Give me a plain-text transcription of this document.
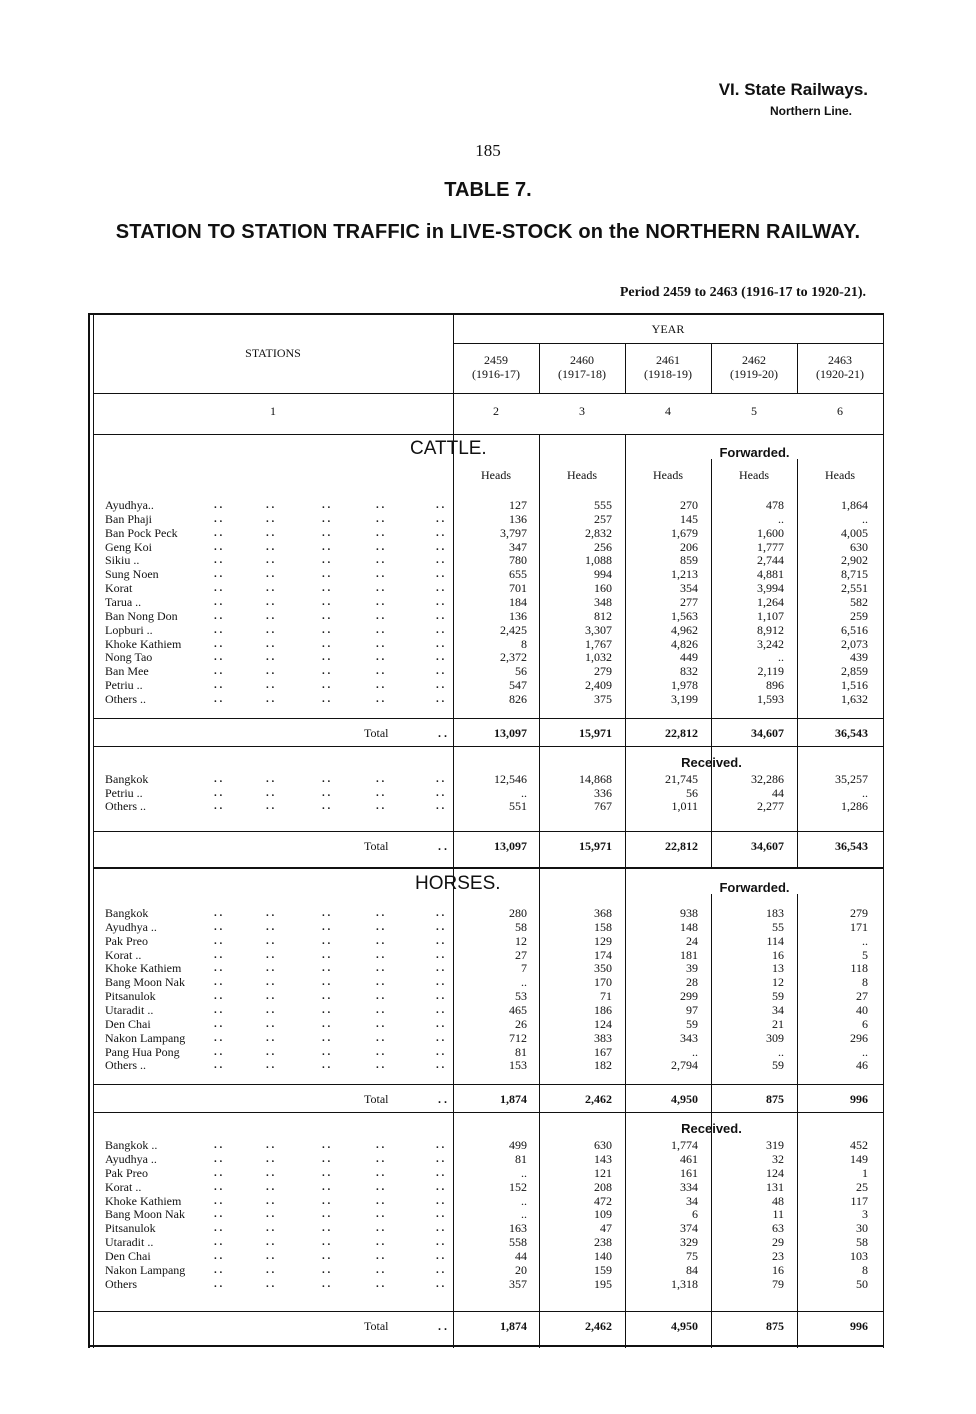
VI. State Railways.
Northern Line.
185
TABLE 7.
STATION TO STATION TRAFFIC in LIVE-STOCK on the NORTHERN RAILWAY.
Period 2459 to 2463 (1916-17 to 1920-21).
STATIONS
YEAR
2459
(1916-17)
2460
(1917-18)
2461
(1918-19)
2462
(1919-20)
2463
(1920-21)
1	2	3	4	5	6
CATTLE.	Forwarded.
Heads	Heads	Heads	Heads	Heads
Ayudhya..	. .	. .	. .	. .	. .	127	555	270	478	1,864
Ban Phaji	. .	. .	. .	. .	. .	136	257	145	..	..
Ban Pock Peck	. .	. .	. .	. .	. .	3,797	2,832	1,679	1,600	4,005
Geng Koi	. .	. .	. .	. .	. .	347	256	206	1,777	630
Sikiu ..	. .	. .	. .	. .	. .	780	1,088	859	2,744	2,902
Sung Noen	. .	. .	. .	. .	. .	655	994	1,213	4,881	8,715
Korat	. .	. .	. .	. .	. .	701	160	354	3,994	2,551
Tarua ..	. .	. .	. .	. .	. .	184	348	277	1,264	582
Ban Nong Don	. .	. .	. .	. .	. .	136	812	1,563	1,107	259
Lopburi ..	. .	. .	. .	. .	. .	2,425	3,307	4,962	8,912	6,516
Khoke Kathiem	. .	. .	. .	. .	. .	8	1,767	4,826	3,242	2,073
Nong Tao	. .	. .	. .	. .	. .	2,372	1,032	449	..	439
Ban Mee	. .	. .	. .	. .	. .	56	279	832	2,119	2,859
Petriu ..	. .	. .	. .	. .	. .	547	2,409	1,978	896	1,516
Others ..	. .	. .	. .	. .	. .	826	375	3,199	1,593	1,632
Total	. .	13,097	15,971	22,812	34,607	36,543
Received.
Bangkok	. .	. .	. .	. .	. .	12,546	14,868	21,745	32,286	35,257
Petriu ..	. .	. .	. .	. .	. .	..	336	56	44	..
Others ..	. .	. .	. .	. .	. .	551	767	1,011	2,277	1,286
Total	. .	13,097	15,971	22,812	34,607	36,543
HORSES.	Forwarded.
Bangkok	. .	. .	. .	. .	. .	280	368	938	183	279
Ayudhya ..	. .	. .	. .	. .	. .	58	158	148	55	171
Pak Preo	. .	. .	. .	. .	. .	12	129	24	114	..
Korat ..	. .	. .	. .	. .	. .	27	174	181	16	5
Khoke Kathiem	. .	. .	. .	. .	. .	7	350	39	13	118
Bang Moon Nak	. .	. .	. .	. .	. .	..	170	28	12	8
Pitsanulok	. .	. .	. .	. .	. .	53	71	299	59	27
Utaradit ..	. .	. .	. .	. .	. .	465	186	97	34	40
Den Chai	. .	. .	. .	. .	. .	26	124	59	21	6
Nakon Lampang	. .	. .	. .	. .	. .	712	383	343	309	296
Pang Hua Pong	. .	. .	. .	. .	. .	81	167	..	..	..
Others ..	. .	. .	. .	. .	. .	153	182	2,794	59	46
Total	. .	1,874	2,462	4,950	875	996
Received.
Bangkok ..	. .	. .	. .	. .	. .	499	630	1,774	319	452
Ayudhya ..	. .	. .	. .	. .	. .	81	143	461	32	149
Pak Preo	. .	. .	. .	. .	. .	..	121	161	124	1
Korat ..	. .	. .	. .	. .	. .	152	208	334	131	25
Khoke Kathiem	. .	. .	. .	. .	. .	..	472	34	48	117
Bang Moon Nak	. .	. .	. .	. .	. .	..	109	6	11	3
Pitsanulok	. .	. .	. .	. .	. .	163	47	374	63	30
Utaradit ..	. .	. .	. .	. .	. .	558	238	329	29	58
Den Chai	. .	. .	. .	. .	. .	44	140	75	23	103
Nakon Lampang	. .	. .	. .	. .	. .	20	159	84	16	8
Others	. .	. .	. .	. .	. .	357	195	1,318	79	50
Total	. .	1,874	2,462	4,950	875	996
